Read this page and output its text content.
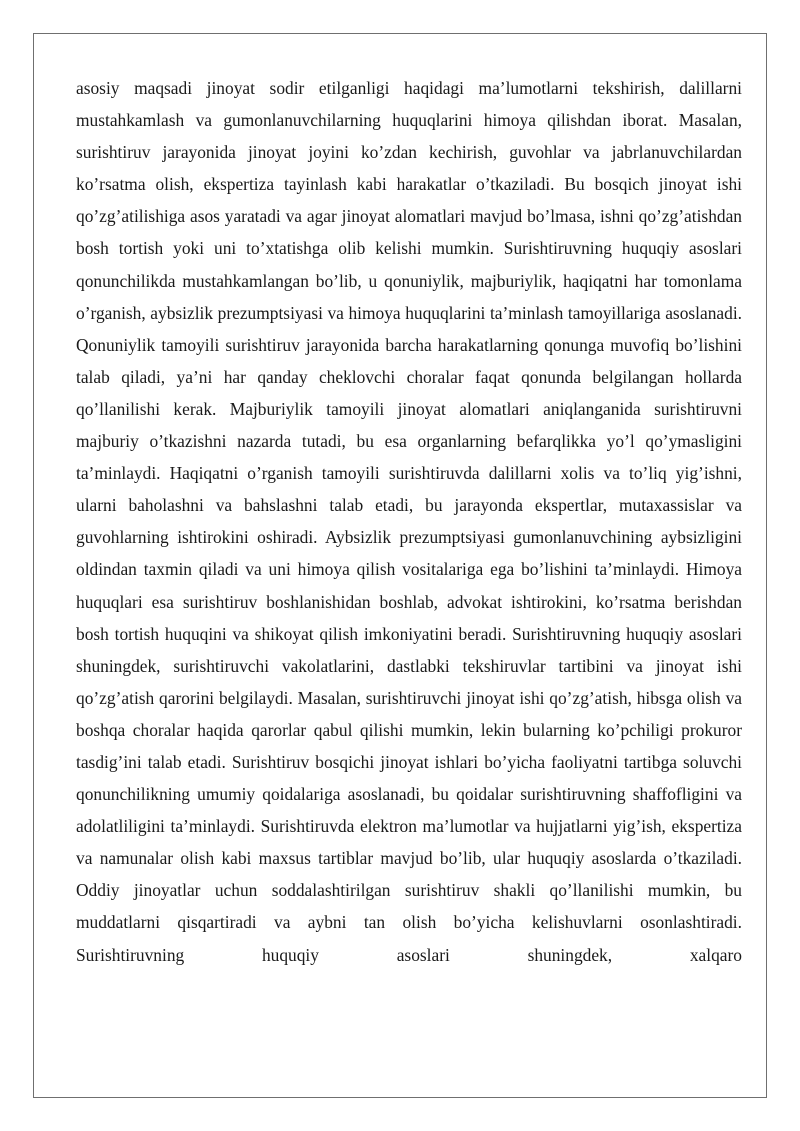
asosiy maqsadi jinoyat sodir etilganligi haqidagi ma’lumotlarni tekshirish, dalillarni mustahkamlash va gumonlanuvchilarning huquqlarini himoya qilishdan iborat. Masalan, surishtiruv jarayonida jinoyat joyini ko’zdan kechirish, guvohlar va jabrlanuvchilardan ko’rsatma olish, ekspertiza tayinlash kabi harakatlar o’tkaziladi. Bu bosqich jinoyat ishi qo’zg’atilishiga asos yaratadi va agar jinoyat alomatlari mavjud bo’lmasa, ishni qo’zg’atishdan bosh tortish yoki uni to’xtatishga olib kelishi mumkin. Surishtiruvning huquqiy asoslari qonunchilikda mustahkamlangan bo’lib, u qonuniylik, majburiylik, haqiqatni har tomonlama o’rganish, aybsizlik prezumptsiyasi va himoya huquqlarini ta’minlash tamoyillariga asoslanadi. Qonuniylik tamoyili surishtiruv jarayonida barcha harakatlarning qonunga muvofiq bo’lishini talab qiladi, ya’ni har qanday cheklovchi choralar faqat qonunda belgilangan hollarda qo’llanilishi kerak. Majburiylik tamoyili jinoyat alomatlari aniqlanganida surishtiruvni majburiy o’tkazishni nazarda tutadi, bu esa organlarning befarqlikka yo’l qo’ymasligini ta’minlaydi. Haqiqatni o’rganish tamoyili surishtiruvda dalillarni xolis va to’liq yig’ishni, ularni baholashni va bahslashni talab etadi, bu jarayonda ekspertlar, mutaxassislar va guvohlarning ishtirokini oshiradi. Aybsizlik prezumptsiyasi gumonlanuvchining aybsizligini oldindan taxmin qiladi va uni himoya qilish vositalariga ega bo’lishini ta’minlaydi. Himoya huquqlari esa surishtiruv boshlanishidan boshlab, advokat ishtirokini, ko’rsatma berishdan bosh tortish huquqini va shikoyat qilish imkoniyatini beradi. Surishtiruvning huquqiy asoslari shuningdek, surishtiruvchi vakolatlarini, dastlabki tekshiruvlar tartibini va jinoyat ishi qo’zg’atish qarorini belgilaydi. Masalan, surishtiruvchi jinoyat ishi qo’zg’atish, hibsga olish va boshqa choralar haqida qarorlar qabul qilishi mumkin, lekin bularning ko’pchiligi prokuror tasdig’ini talab etadi. Surishtiruv bosqichi jinoyat ishlari bo’yicha faoliyatni tartibga soluvchi qonunchilikning umumiy qoidalariga asoslanadi, bu qoidalar surishtiruvning shaffofligini va adolatliligini ta’minlaydi. Surishtiruvda elektron ma’lumotlar va hujjatlarni yig’ish, ekspertiza va namunalar olish kabi maxsus tartiblar mavjud bo’lib, ular huquqiy asoslarda o’tkaziladi. Oddiy jinoyatlar uchun soddalashtirilgan surishtiruv shakli qo’llanilishi mumkin, bu muddatlarni qisqartiradi va aybni tan olish bo’yicha kelishuvlarni osonlashtiradi. Surishtiruvning huquqiy asoslari shuningdek, xalqaro
